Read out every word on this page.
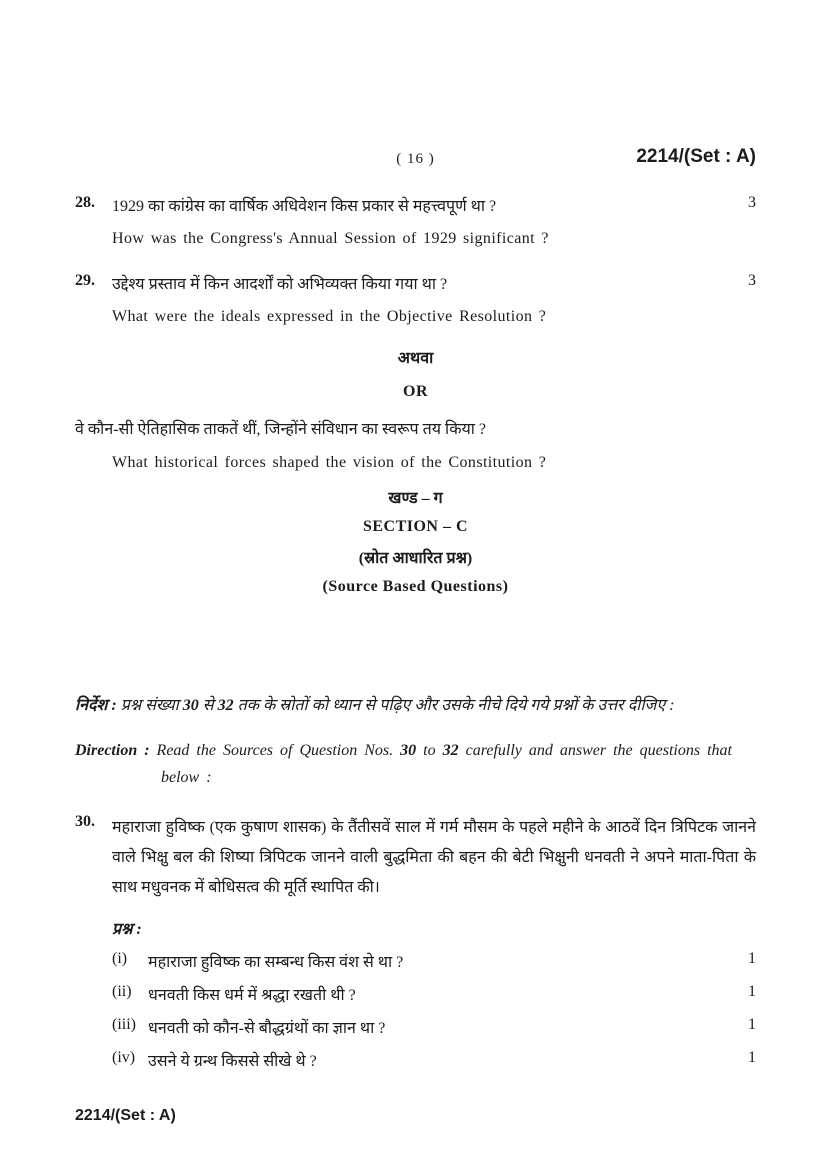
( 16 )	2214/(Set : A)
28.	1929 का कांग्रेस का वार्षिक अधिवेशन किस प्रकार से महत्त्वपूर्ण था ?	3
How was the Congress's Annual Session of 1929 significant ?
29.	उद्देश्य प्रस्ताव में किन आदर्शों को अभिव्यक्त किया गया था ?	3
What were the ideals expressed in the Objective Resolution ?
अथवा
OR
वे कौन-सी ऐतिहासिक ताकतें थीं, जिन्होंने संविधान का स्वरूप तय किया ?
What historical forces shaped the vision of the Constitution ?
खण्ड – ग
SECTION – C
(स्रोत आधारित प्रश्न)
(Source Based Questions)
निर्देश : प्रश्न संख्या 30 से 32 तक के स्रोतों को ध्यान से पढ़िए और उसके नीचे दिये गये प्रश्नों के उत्तर दीजिए :
Direction : Read the Sources of Question Nos. 30 to 32 carefully and answer the questions that below :
30.	महाराजा हुविष्क (एक कुषाण शासक) के तैंतीसवें साल में गर्म मौसम के पहले महीने के आठवें दिन त्रिपिटक जानने वाले भिक्षु बल की शिष्या त्रिपिटक जानने वाली बुद्धमिता की बहन की बेटी भिक्षुनी धनवती ने अपने माता-पिता के साथ मधुवनक में बोधिसत्व की मूर्ति स्थापित की।
प्रश्न :
(i)	महाराजा हुविष्क का सम्बन्ध किस वंश से था ?	1
(ii)	धनवती किस धर्म में श्रद्धा रखती थी ?	1
(iii) धनवती को कौन-से बौद्धग्रंथों का ज्ञान था ?	1
(iv) उसने ये ग्रन्थ किससे सीखे थे ?	1
2214/(Set : A)
